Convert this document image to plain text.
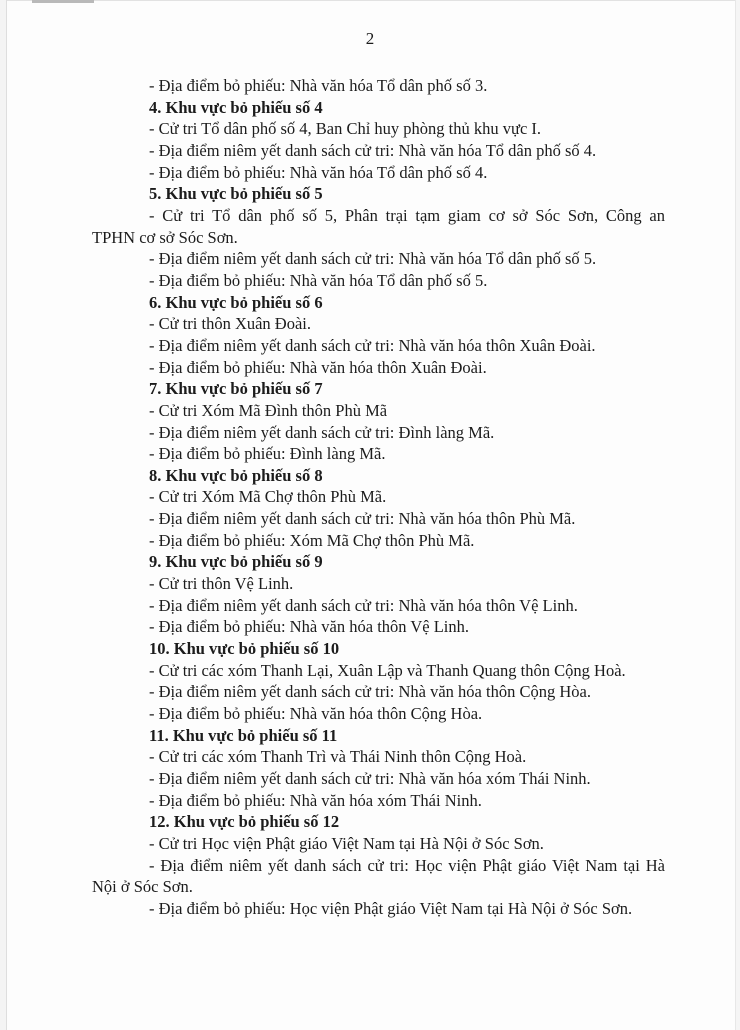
2
- Địa điểm bỏ phiếu: Nhà văn hóa Tổ dân phố số 3.
4. Khu vực bỏ phiếu số 4
- Cử tri Tổ dân phố số 4, Ban Chỉ huy phòng thủ khu vực I.
- Địa điểm niêm yết danh sách cử tri: Nhà văn hóa Tổ dân phố số 4.
- Địa điểm bỏ phiếu: Nhà văn hóa Tổ dân phố số 4.
5. Khu vực bỏ phiếu số 5
- Cử tri Tổ dân phố số 5, Phân trại tạm giam cơ sở Sóc Sơn, Công an
TPHN cơ sở Sóc Sơn.
- Địa điểm niêm yết danh sách cử tri: Nhà văn hóa Tổ dân phố số 5.
- Địa điểm bỏ phiếu: Nhà văn hóa Tổ dân phố số 5.
6. Khu vực bỏ phiếu số 6
- Cử tri thôn Xuân Đoài.
- Địa điểm niêm yết danh sách cử tri: Nhà văn hóa thôn Xuân Đoài.
- Địa điểm bỏ phiếu: Nhà văn hóa thôn Xuân Đoài.
7. Khu vực bỏ phiếu số 7
- Cử tri Xóm Mã Đình thôn Phù Mã
- Địa điểm niêm yết danh sách cử tri: Đình làng Mã.
- Địa điểm bỏ phiếu: Đình làng Mã.
8. Khu vực bỏ phiếu số 8
- Cử tri Xóm Mã Chợ thôn Phù Mã.
- Địa điểm niêm yết danh sách cử tri: Nhà văn hóa thôn Phù Mã.
- Địa điểm bỏ phiếu: Xóm Mã Chợ thôn Phù Mã.
9. Khu vực bỏ phiếu số 9
- Cử tri thôn Vệ Linh.
- Địa điểm niêm yết danh sách cử tri: Nhà văn hóa thôn Vệ Linh.
- Địa điểm bỏ phiếu: Nhà văn hóa thôn Vệ Linh.
10. Khu vực bỏ phiếu số 10
- Cử tri các xóm Thanh Lại, Xuân Lập và Thanh Quang thôn Cộng Hoà.
- Địa điểm niêm yết danh sách cử tri: Nhà văn hóa thôn Cộng Hòa.
- Địa điểm bỏ phiếu: Nhà văn hóa thôn Cộng Hòa.
11. Khu vực bỏ phiếu số 11
- Cử tri các xóm Thanh Trì và Thái Ninh thôn Cộng Hoà.
- Địa điểm niêm yết danh sách cử tri: Nhà văn hóa xóm Thái Ninh.
- Địa điểm bỏ phiếu: Nhà văn hóa xóm Thái Ninh.
12. Khu vực bỏ phiếu số 12
- Cử tri Học viện Phật giáo Việt Nam tại Hà Nội ở Sóc Sơn.
- Địa điểm niêm yết danh sách cử tri: Học viện Phật giáo Việt Nam tại Hà
Nội ở Sóc Sơn.
- Địa điểm bỏ phiếu: Học viện Phật giáo Việt Nam tại Hà Nội ở Sóc Sơn.
